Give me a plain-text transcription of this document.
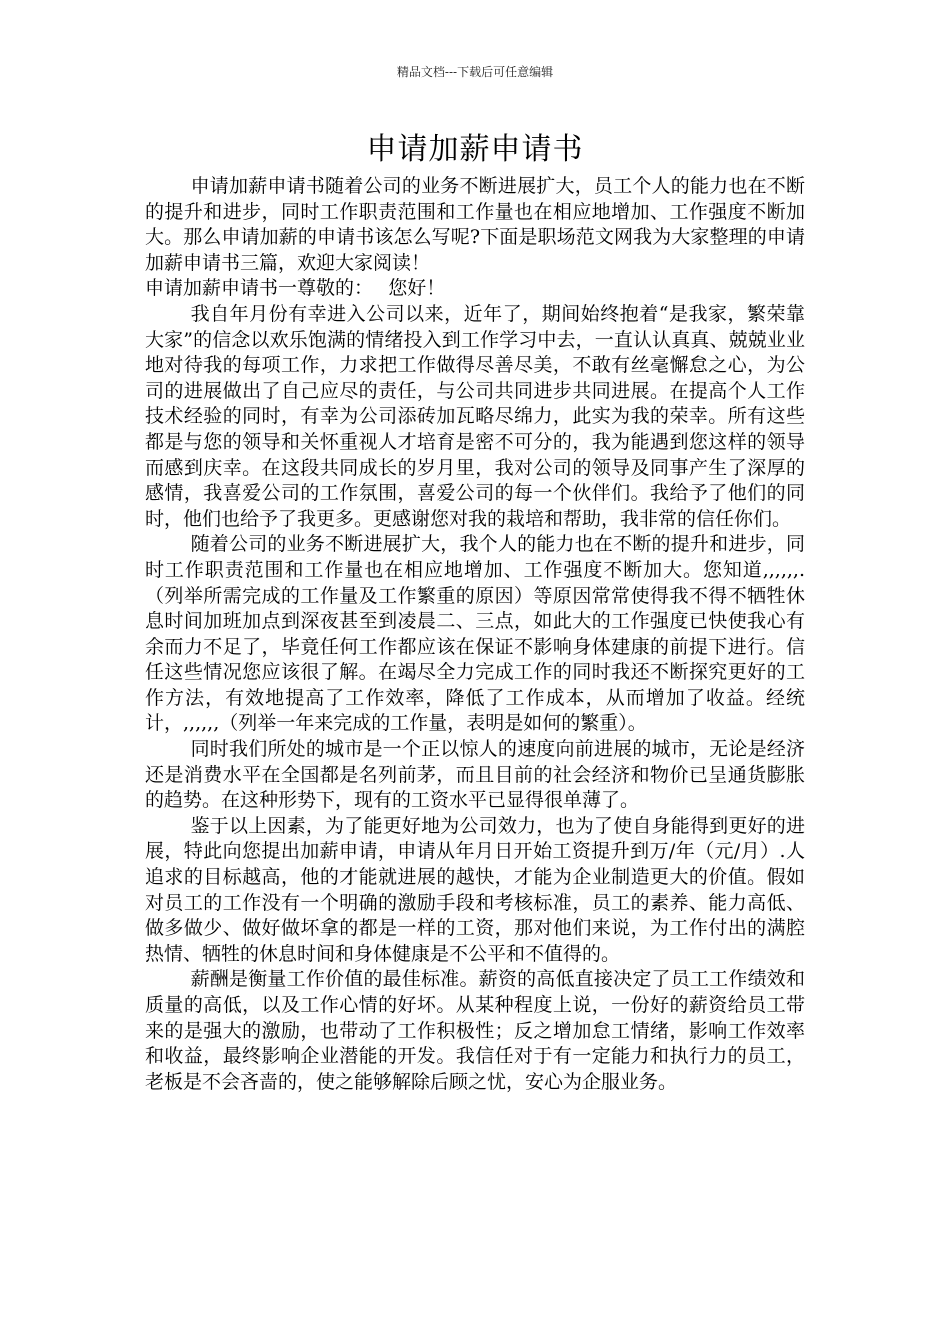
精品文档---下载后可任意编辑
申请加薪申请书

申请加薪申请书随着公司的业务不断进展扩大，员工个人的能力也在不断的提升和进步，同时工作职责范围和工作量也在相应地增加、工作强度不断加大。那么申请加薪的申请书该怎么写呢?下面是职场范文网我为大家整理的申请加薪申请书三篇，欢迎大家阅读！

申请加薪申请书一尊敬的： 您好！

我自年月份有幸进入公司以来，近年了，期间始终抱着“是我家，繁荣靠大家”的信念以欢乐饱满的情绪投入到工作学习中去，一直认认真真、兢兢业业地对待我的每项工作，力求把工作做得尽善尽美，不敢有丝毫懈怠之心，为公司的进展做出了自己应尽的责任，与公司共同进步共同进展。在提高个人工作技术经验的同时，有幸为公司添砖加瓦略尽绵力，此实为我的荣幸。所有这些都是与您的领导和关怀重视人才培育是密不可分的，我为能遇到您这样的领导而感到庆幸。在这段共同成长的岁月里，我对公司的领导及同事产生了深厚的感情，我喜爱公司的工作氛围，喜爱公司的每一个伙伴们。我给予了他们的同时，他们也给予了我更多。更感谢您对我的栽培和帮助，我非常的信任你们。

随着公司的业务不断进展扩大，我个人的能力也在不断的提升和进步，同时工作职责范围和工作量也在相应地增加、工作强度不断加大。您知道,,,,,,.（列举所需完成的工作量及工作繁重的原因）等原因常常使得我不得不牺牲休息时间加班加点到深夜甚至到凌晨二、三点，如此大的工作强度已快使我心有余而力不足了，毕竟任何工作都应该在保证不影响身体建康的前提下进行。信任这些情况您应该很了解。在竭尽全力完成工作的同时我还不断探究更好的工作方法，有效地提高了工作效率，降低了工作成本，从而增加了收益。经统计，,,,,,,（列举一年来完成的工作量，表明是如何的繁重）。

同时我们所处的城市是一个正以惊人的速度向前进展的城市，无论是经济还是消费水平在全国都是名列前茅，而且目前的社会经济和物价已呈通货膨胀的趋势。在这种形势下，现有的工资水平已显得很单薄了。

鉴于以上因素，为了能更好地为公司效力，也为了使自身能得到更好的进展，特此向您提出加薪申请，申请从年月日开始工资提升到万/年（元/月）.人追求的目标越高，他的才能就进展的越快，才能为企业制造更大的价值。假如对员工的工作没有一个明确的激励手段和考核标准，员工的素养、能力高低、做多做少、做好做坏拿的都是一样的工资，那对他们来说，为工作付出的满腔热情、牺牲的休息时间和身体健康是不公平和不值得的。

薪酬是衡量工作价值的最佳标准。薪资的高低直接决定了员工工作绩效和质量的高低，以及工作心情的好坏。从某种程度上说，一份好的薪资给员工带来的是强大的激励，也带动了工作积极性；反之增加怠工情绪，影响工作效率和收益，最终影响企业潜能的开发。我信任对于有一定能力和执行力的员工，老板是不会吝啬的，使之能够解除后顾之忧，安心为企服业务。
